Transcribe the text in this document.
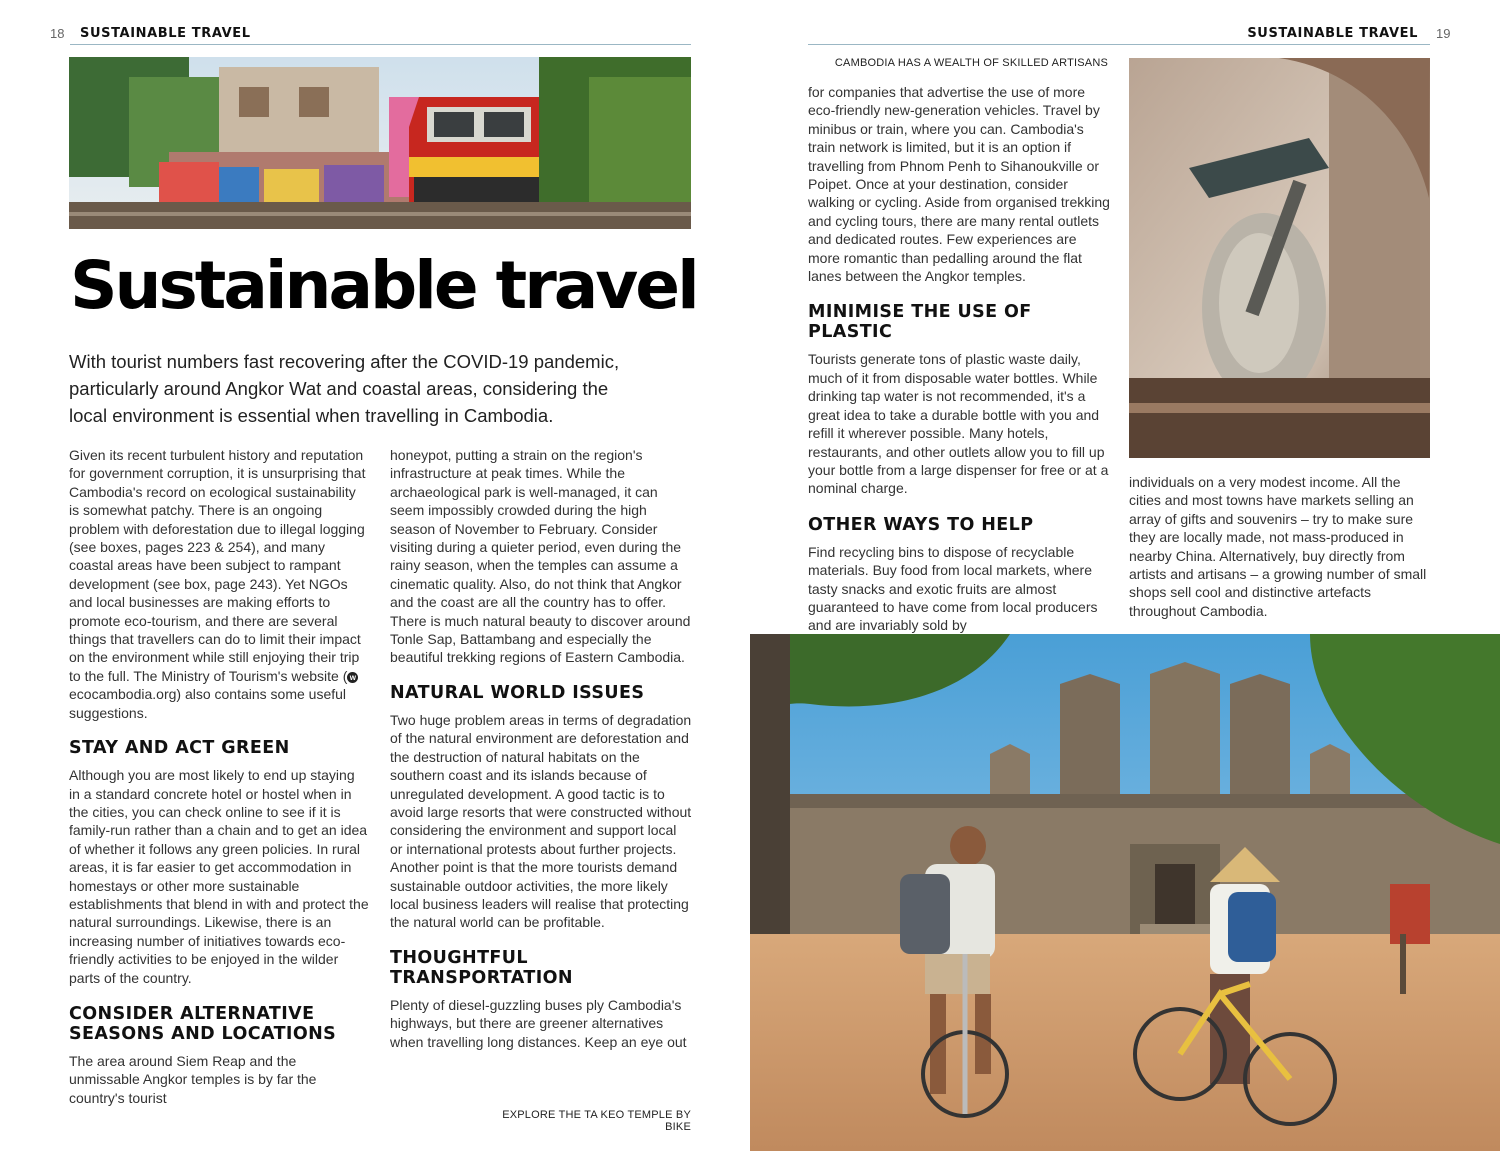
18 SUSTAINABLE TRAVEL
Sustainable travel
With tourist numbers fast recovering after the COVID-19 pandemic, particularly around Angkor Wat and coastal areas, considering the local environment is essential when travelling in Cambodia.

Given its recent turbulent history and reputation for government corruption, it is unsurprising that Cambodia's record on ecological sustainability is somewhat patchy. There is an ongoing problem with deforestation due to illegal logging (see boxes, pages 223 & 254), and many coastal areas have been subject to rampant development (see box, page 243). Yet NGOs and local businesses are making efforts to promote eco-tourism, and there are several things that travellers can do to limit their impact on the environment while still enjoying their trip to the full. The Ministry of Tourism's website ( wecocambodia.org) also contains some useful suggestions.

STAY AND ACT GREEN

Although you are most likely to end up staying in a standard concrete hotel or hostel when in the cities, you can check online to see if it is family-run rather than a chain and to get an idea of whether it follows any green policies. In rural areas, it is far easier to get accommodation in homestays or other more sustainable establishments that blend in with and protect the natural surroundings. Likewise, there is an increasing number of initiatives towards eco-friendly activities to be enjoyed in the wilder parts of the country.

CONSIDER ALTERNATIVE SEASONS AND LOCATIONS

The area around Siem Reap and the unmissable Angkor temples is by far the country's tourist

honeypot, putting a strain on the region's infrastructure at peak times. While the archaeological park is well-managed, it can seem impossibly crowded during the high season of November to February. Consider visiting during a quieter period, even during the rainy season, when the temples can assume a cinematic quality. Also, do not think that Angkor and the coast are all the country has to offer. There is much natural beauty to discover around Tonle Sap, Battambang and especially the beautiful trekking regions of Eastern Cambodia.

NATURAL WORLD ISSUES

Two huge problem areas in terms of degradation of the natural environment are deforestation and the destruction of natural habitats on the southern coast and its islands because of unregulated development. A good tactic is to avoid large resorts that were constructed without considering the environment and support local or international protests about further projects. Another point is that the more tourists demand sustainable outdoor activities, the more likely local business leaders will realise that protecting the natural world can be profitable.

THOUGHTFUL TRANSPORTATION

Plenty of diesel-guzzling buses ply Cambodia's highways, but there are greener alternatives when travelling long distances. Keep an eye out

EXPLORE THE TA KEO TEMPLE BY BIKE
SUSTAINABLE TRAVEL 19
CAMBODIA HAS A WEALTH OF SKILLED ARTISANS

for companies that advertise the use of more eco-friendly new-generation vehicles. Travel by minibus or train, where you can. Cambodia's train network is limited, but it is an option if travelling from Phnom Penh to Sihanoukville or Poipet. Once at your destination, consider walking or cycling. Aside from organised trekking and cycling tours, there are many rental outlets and dedicated routes. Few experiences are more romantic than pedalling around the flat lanes between the Angkor temples.

MINIMISE THE USE OF PLASTIC

Tourists generate tons of plastic waste daily, much of it from disposable water bottles. While drinking tap water is not recommended, it's a great idea to take a durable bottle with you and refill it wherever possible. Many hotels, restaurants, and other outlets allow you to fill up your bottle from a large dispenser for free or at a nominal charge.

OTHER WAYS TO HELP

Find recycling bins to dispose of recyclable materials. Buy food from local markets, where tasty snacks and exotic fruits are almost guaranteed to have come from local producers and are invariably sold by

individuals on a very modest income. All the cities and most towns have markets selling an array of gifts and souvenirs – try to make sure they are locally made, not mass-produced in nearby China. Alternatively, buy directly from artists and artisans – a growing number of small shops sell cool and distinctive artefacts throughout Cambodia.
